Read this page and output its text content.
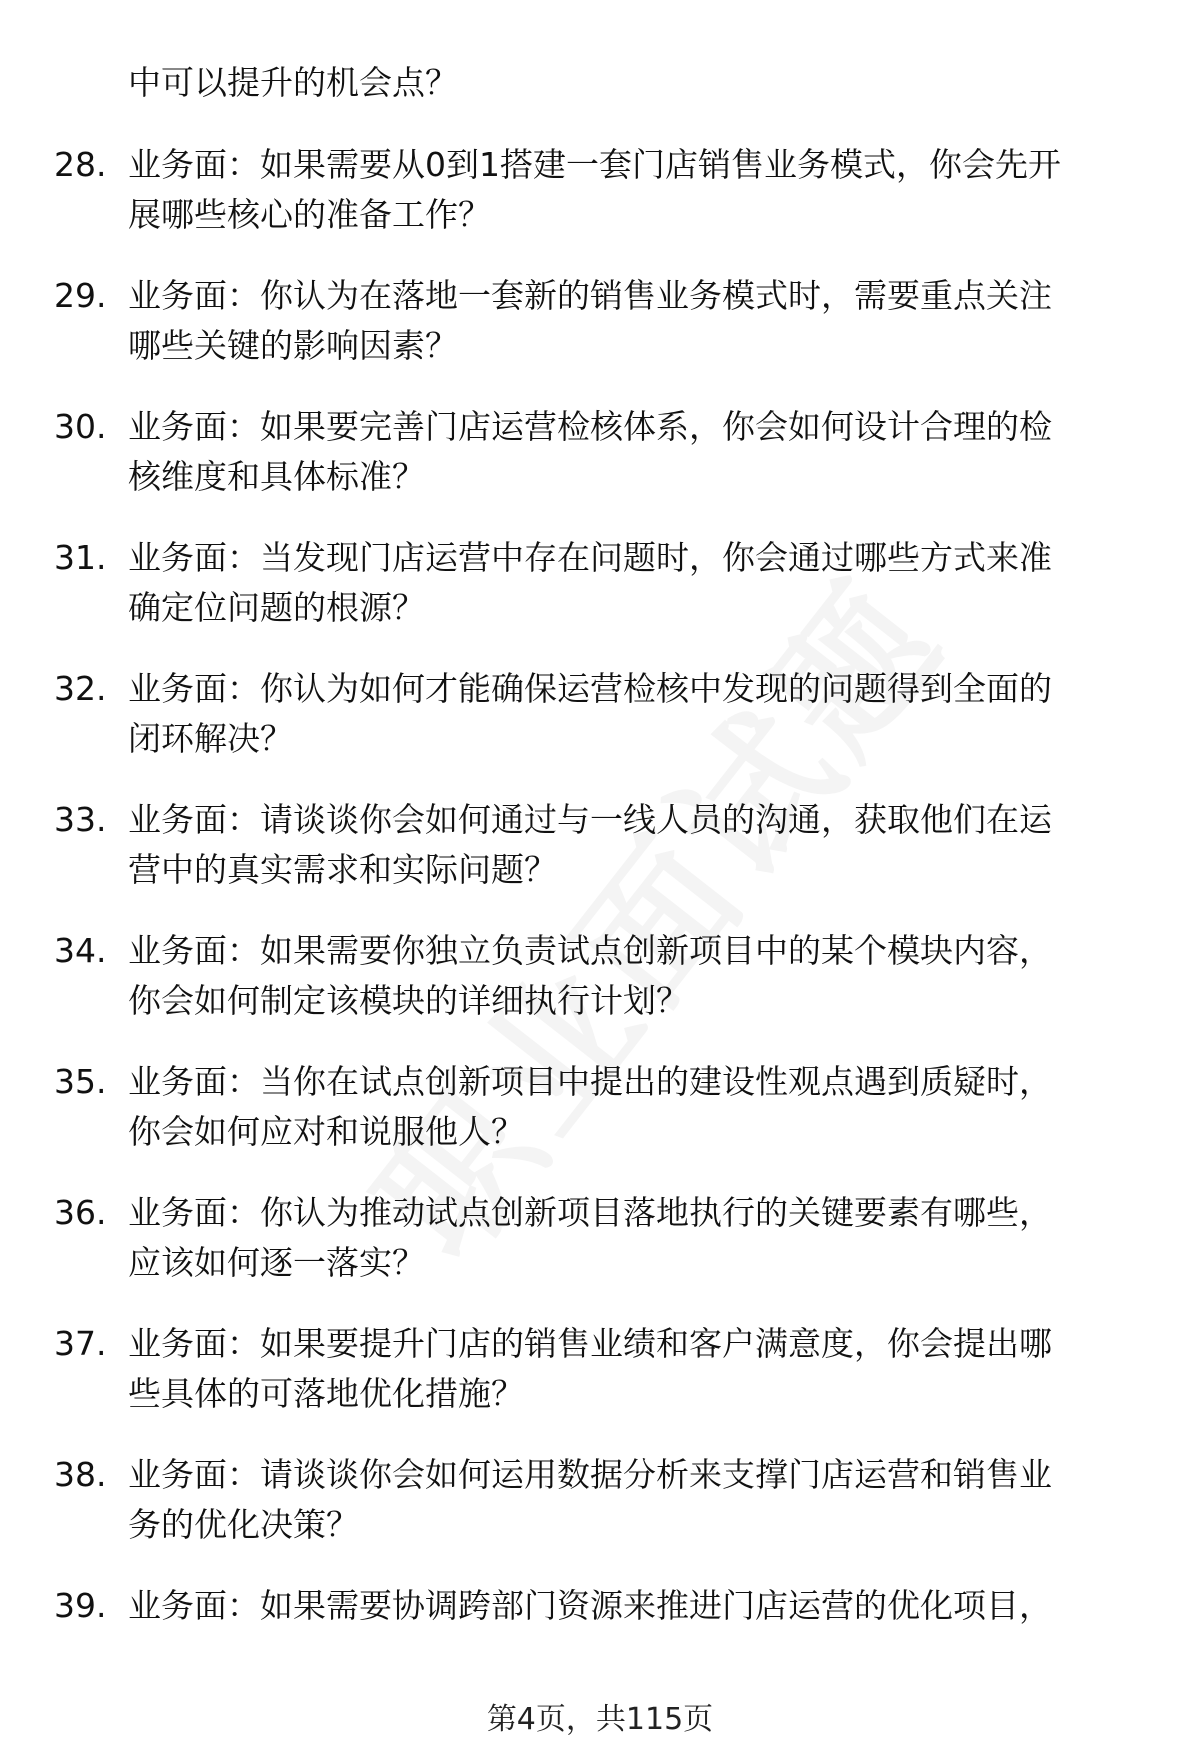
中可以提升的机会点？
28. 业务面：如果需要从0到1搭建一套门店销售业务模式，你会先开
展哪些核心的准备工作？
29. 业务面：你认为在落地一套新的销售业务模式时，需要重点关注
哪些关键的影响因素？
30. 业务面：如果要完善门店运营检核体系，你会如何设计合理的检
核维度和具体标准？
31. 业务面：当发现门店运营中存在问题时，你会通过哪些方式来准
确定位问题的根源？
32. 业务面：你认为如何才能确保运营检核中发现的问题得到全面的
闭环解决？
33. 业务面：请谈谈你会如何通过与一线人员的沟通，获取他们在运
营中的真实需求和实际问题？
34. 业务面：如果需要你独立负责试点创新项目中的某个模块内容，
你会如何制定该模块的详细执行计划？
35. 业务面：当你在试点创新项目中提出的建设性观点遇到质疑时，
你会如何应对和说服他人？
36. 业务面：你认为推动试点创新项目落地执行的关键要素有哪些，
应该如何逐一落实？
37. 业务面：如果要提升门店的销售业绩和客户满意度，你会提出哪
些具体的可落地优化措施？
38. 业务面：请谈谈你会如何运用数据分析来支撑门店运营和销售业
务的优化决策？
39. 业务面：如果需要协调跨部门资源来推进门店运营的优化项目，
第4页，共115页
